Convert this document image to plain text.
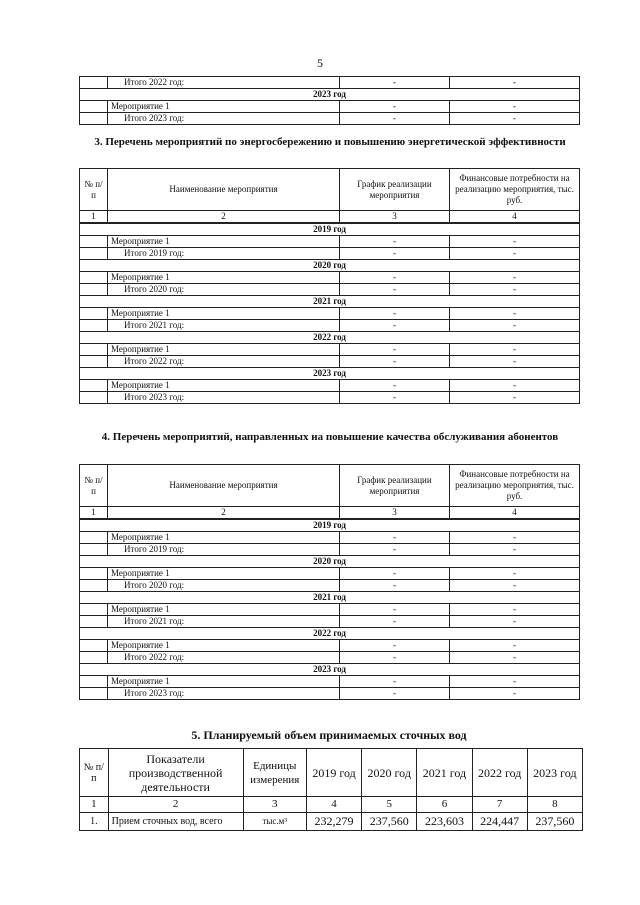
5
	Итого 2022 год:	-	-
2023 год			
	Мероприятие 1	-	-
	Итого 2023 год:	-	-
3. Перечень мероприятий по энергосбережению и повышению энергетической эффективности
№ п/п	Наименование мероприятия	График реализации мероприятия	Финансовые потребности на реализацию мероприятия, тыс. руб.
1	2	3	4
2019 год			
	Мероприятие 1	-	-
	Итого 2019 год:	-	-
2020 год			
	Мероприятие 1	-	-
	Итого 2020 год:	-	-
2021 год			
	Мероприятие 1	-	-
	Итого 2021 год:	-	-
2022 год			
	Мероприятие 1	-	-
	Итого 2022 год:	-	-
2023 год			
	Мероприятие 1	-	-
	Итого 2023 год:	-	-
4. Перечень мероприятий, направленных на повышение качества обслуживания абонентов
№ п/п	Наименование мероприятия	График реализации мероприятия	Финансовые потребности на реализацию мероприятия, тыс. руб.
1	2	3	4
2019 год			
	Мероприятие 1	-	-
	Итого 2019 год:	-	-
2020 год			
	Мероприятие 1	-	-
	Итого 2020 год:	-	-
2021 год			
	Мероприятие 1	-	-
	Итого 2021 год:	-	-
2022 год			
	Мероприятие 1	-	-
	Итого 2022 год:	-	-
2023 год			
	Мероприятие 1	-	-
	Итого 2023 год:	-	-
5. Планируемый объем принимаемых сточных вод
№ п/п	Показатели производственной деятельности	Единицы измерения	2019 год	2020 год	2021 год	2022 год	2023 год
1	2	3	4	5	6	7	8
1.	Прием сточных вод, всего	тыс.м³	232,279	237,560	223,603	224,447	237,560
